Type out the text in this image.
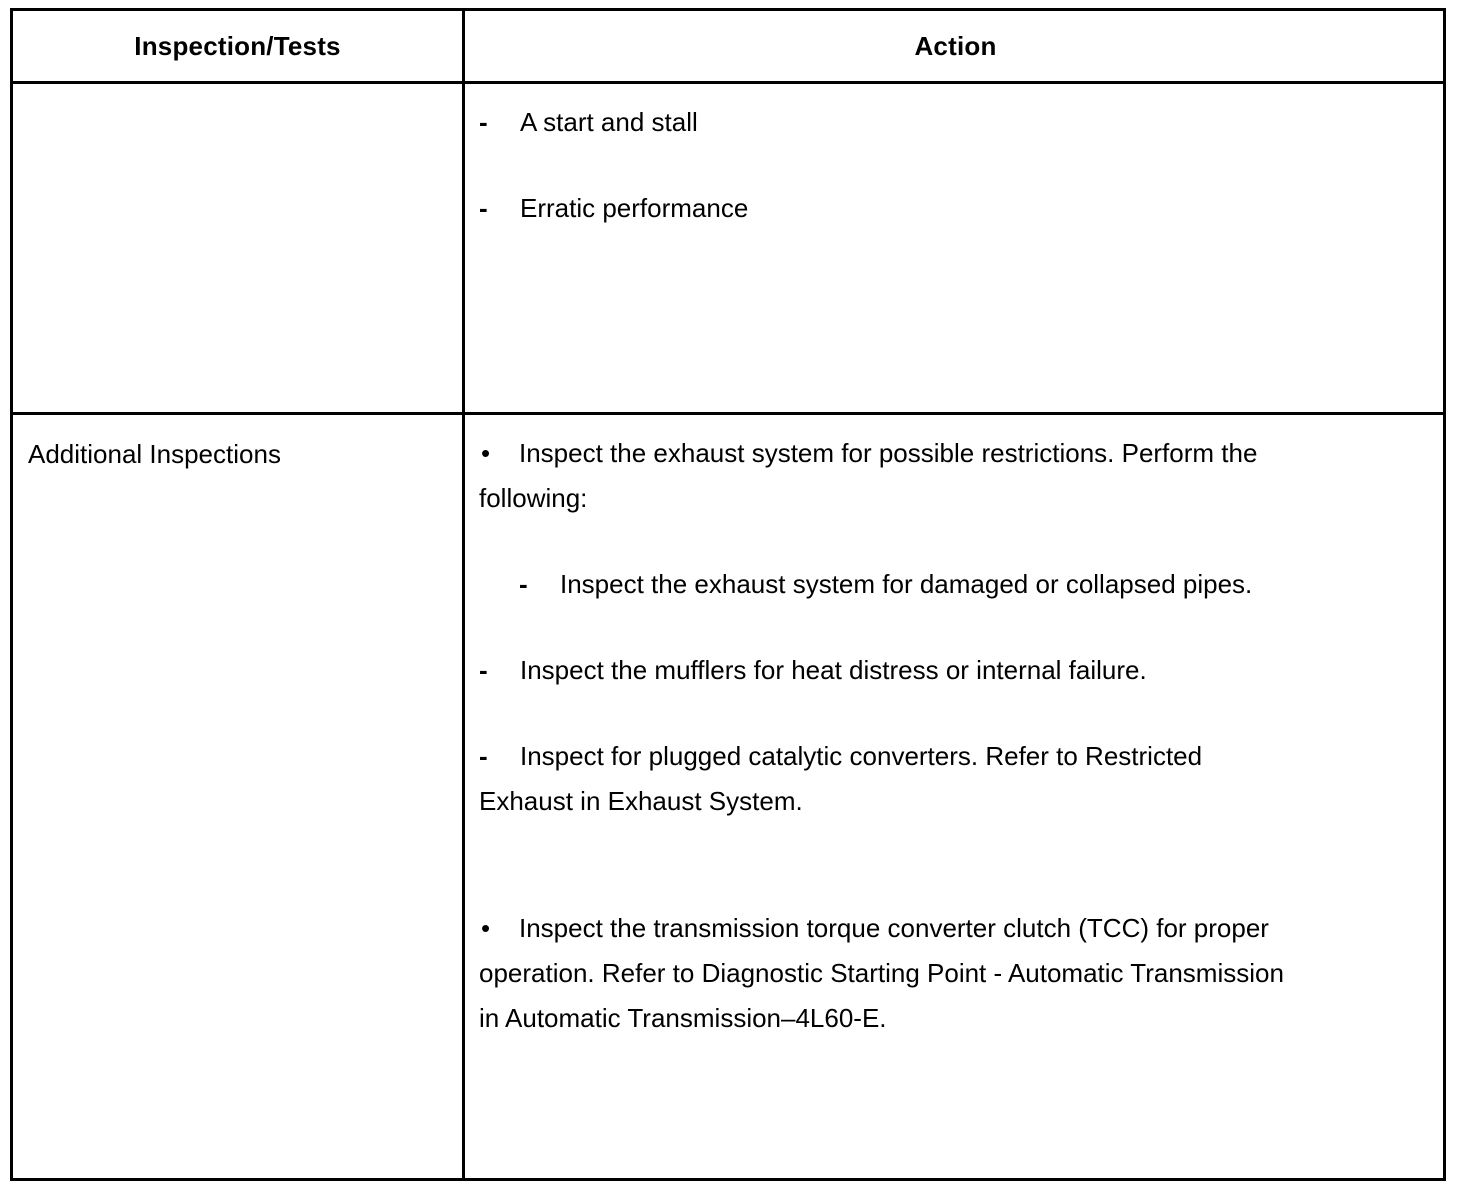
Inspection/Tests	Action
- A start and stall
- Erratic performance
Additional Inspections	• Inspect the exhaust system for possible restrictions. Perform the
following:
- Inspect the exhaust system for damaged or collapsed pipes.
- Inspect the mufflers for heat distress or internal failure.
- Inspect for plugged catalytic converters. Refer to Restricted
Exhaust in Exhaust System.
• Inspect the transmission torque converter clutch (TCC) for proper
operation. Refer to Diagnostic Starting Point - Automatic Transmission
in Automatic Transmission–4L60-E.
